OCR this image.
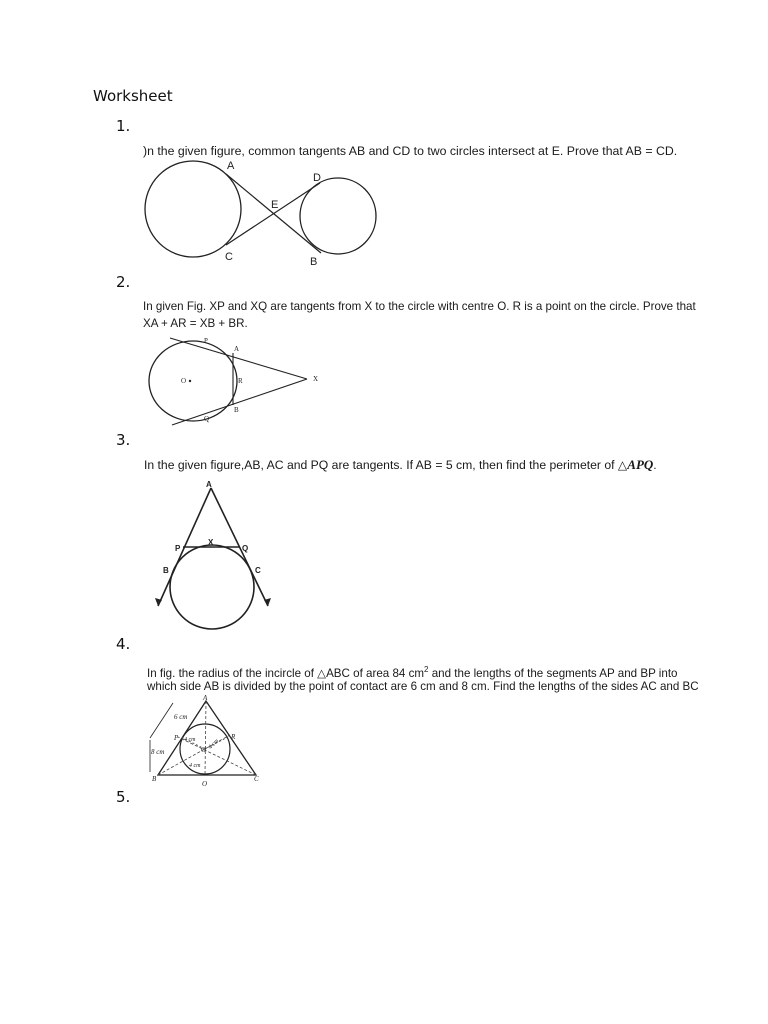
Worksheet
1.
)n the given figure, common tangents AB and CD to two circles intersect at E. Prove that AB = CD.
A
B
C
D
E
P
A
O	R	X
B
Q
A
P
X
Q
B	C
A
B	C
P	R
O
O
6 cm
8 cm
4 cm 4 cm
4 cm
2.
In given Fig. XP and XQ are tangents from X to the circle with centre O. R is a point on the circle. Prove that
XA + AR = XB + BR.
3.
In the given figure,AB, AC and PQ are tangents. If AB = 5 cm, then find the perimeter of △APQ.
4.
In fig. the radius of the incircle of △ABC of area 84 $cm^2$ and the lengths of the segments AP and BP into
which side AB is divided by the point of contact are 6 cm and 8 cm. Find the lengths of the sides AC and BC
5.
